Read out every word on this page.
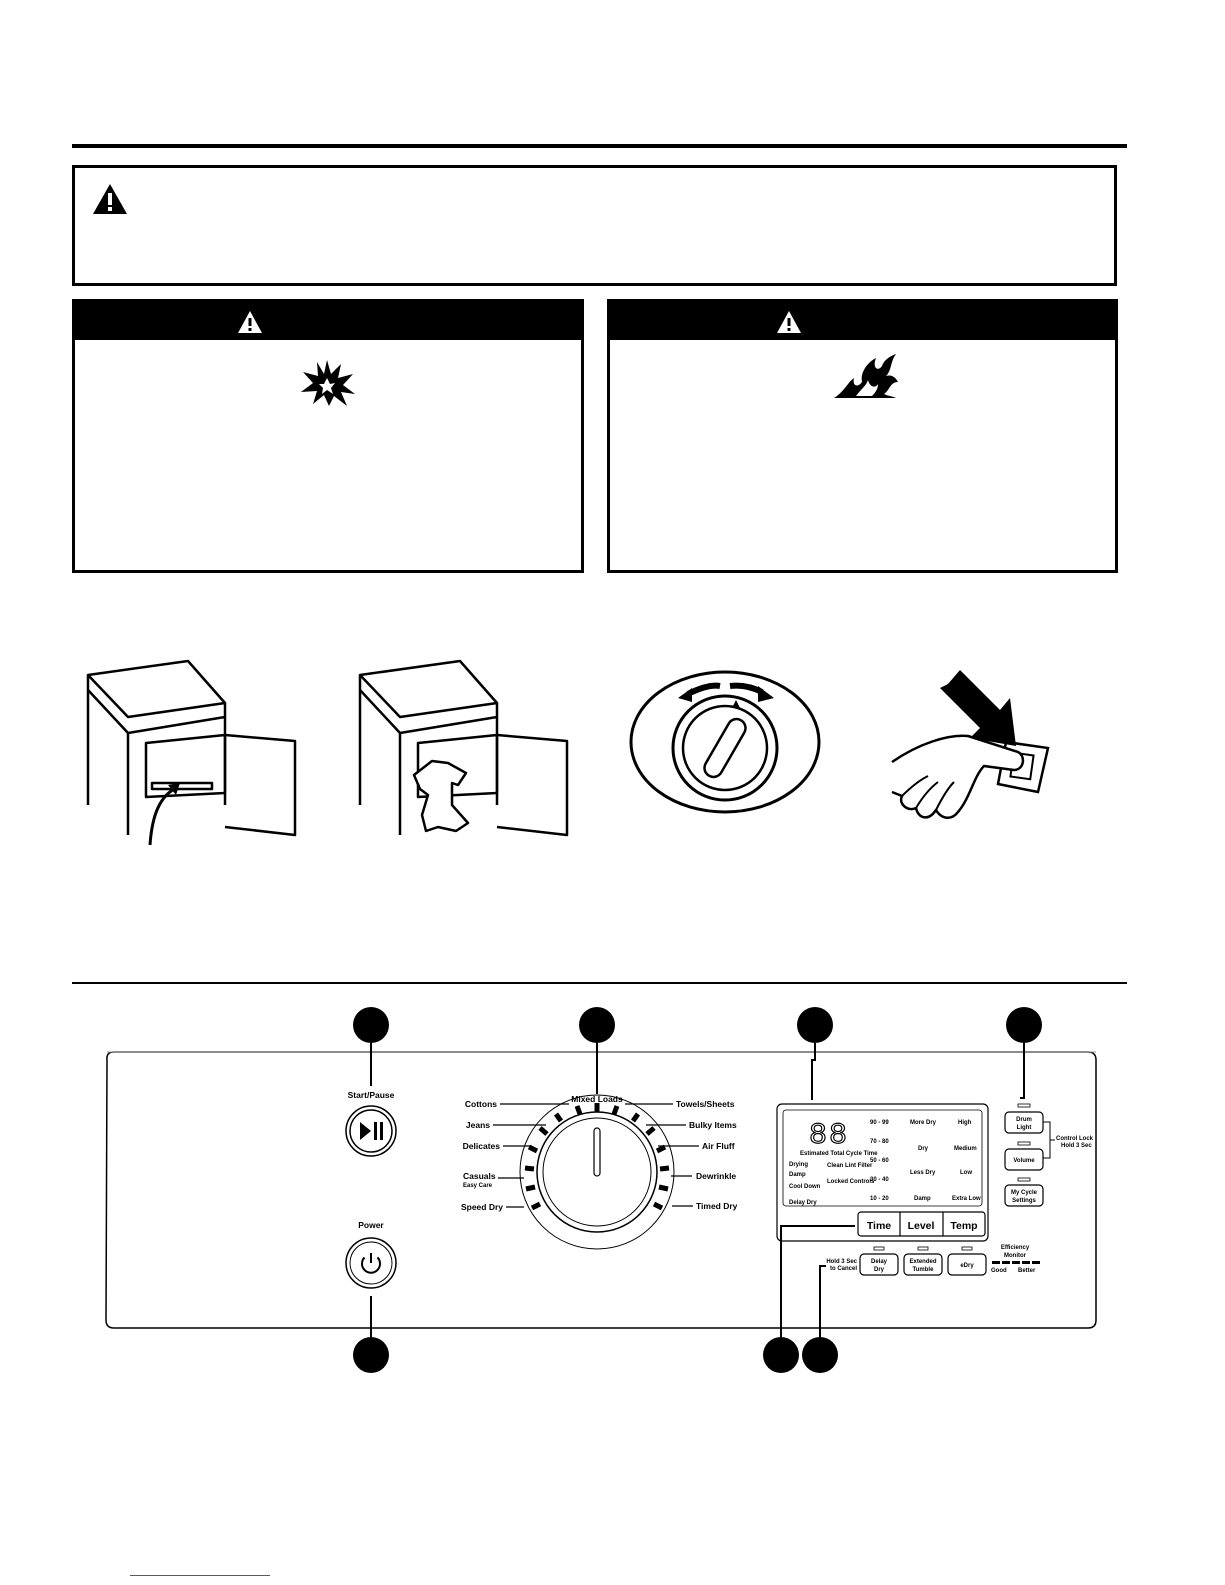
Start/Pause
Power
Mixed Loads
Cottons
Jeans
Delicates
Casuals
Easy Care
Speed Dry
Towels/Sheets
Bulky Items
Air Fluff
Dewrinkle
Timed Dry
88
Estimated Total Cycle Time
Drying
Damp
Cool Down
Delay Dry
Clean Lint Filter
Locked Controls
90 - 99
70 - 80
50 - 60
30 - 40
10 - 20
More Dry
Dry
Less Dry
Damp
High
Medium
Low
Extra Low
Time Level Temp
Drum
Light
Volume
My Cycle
Settings
Control Lock
Hold 3 Sec
Hold 3 Sec
to Cancel
Delay
Dry
Extended
Tumble
eDry
Efficiency
Monitor
Good Better
